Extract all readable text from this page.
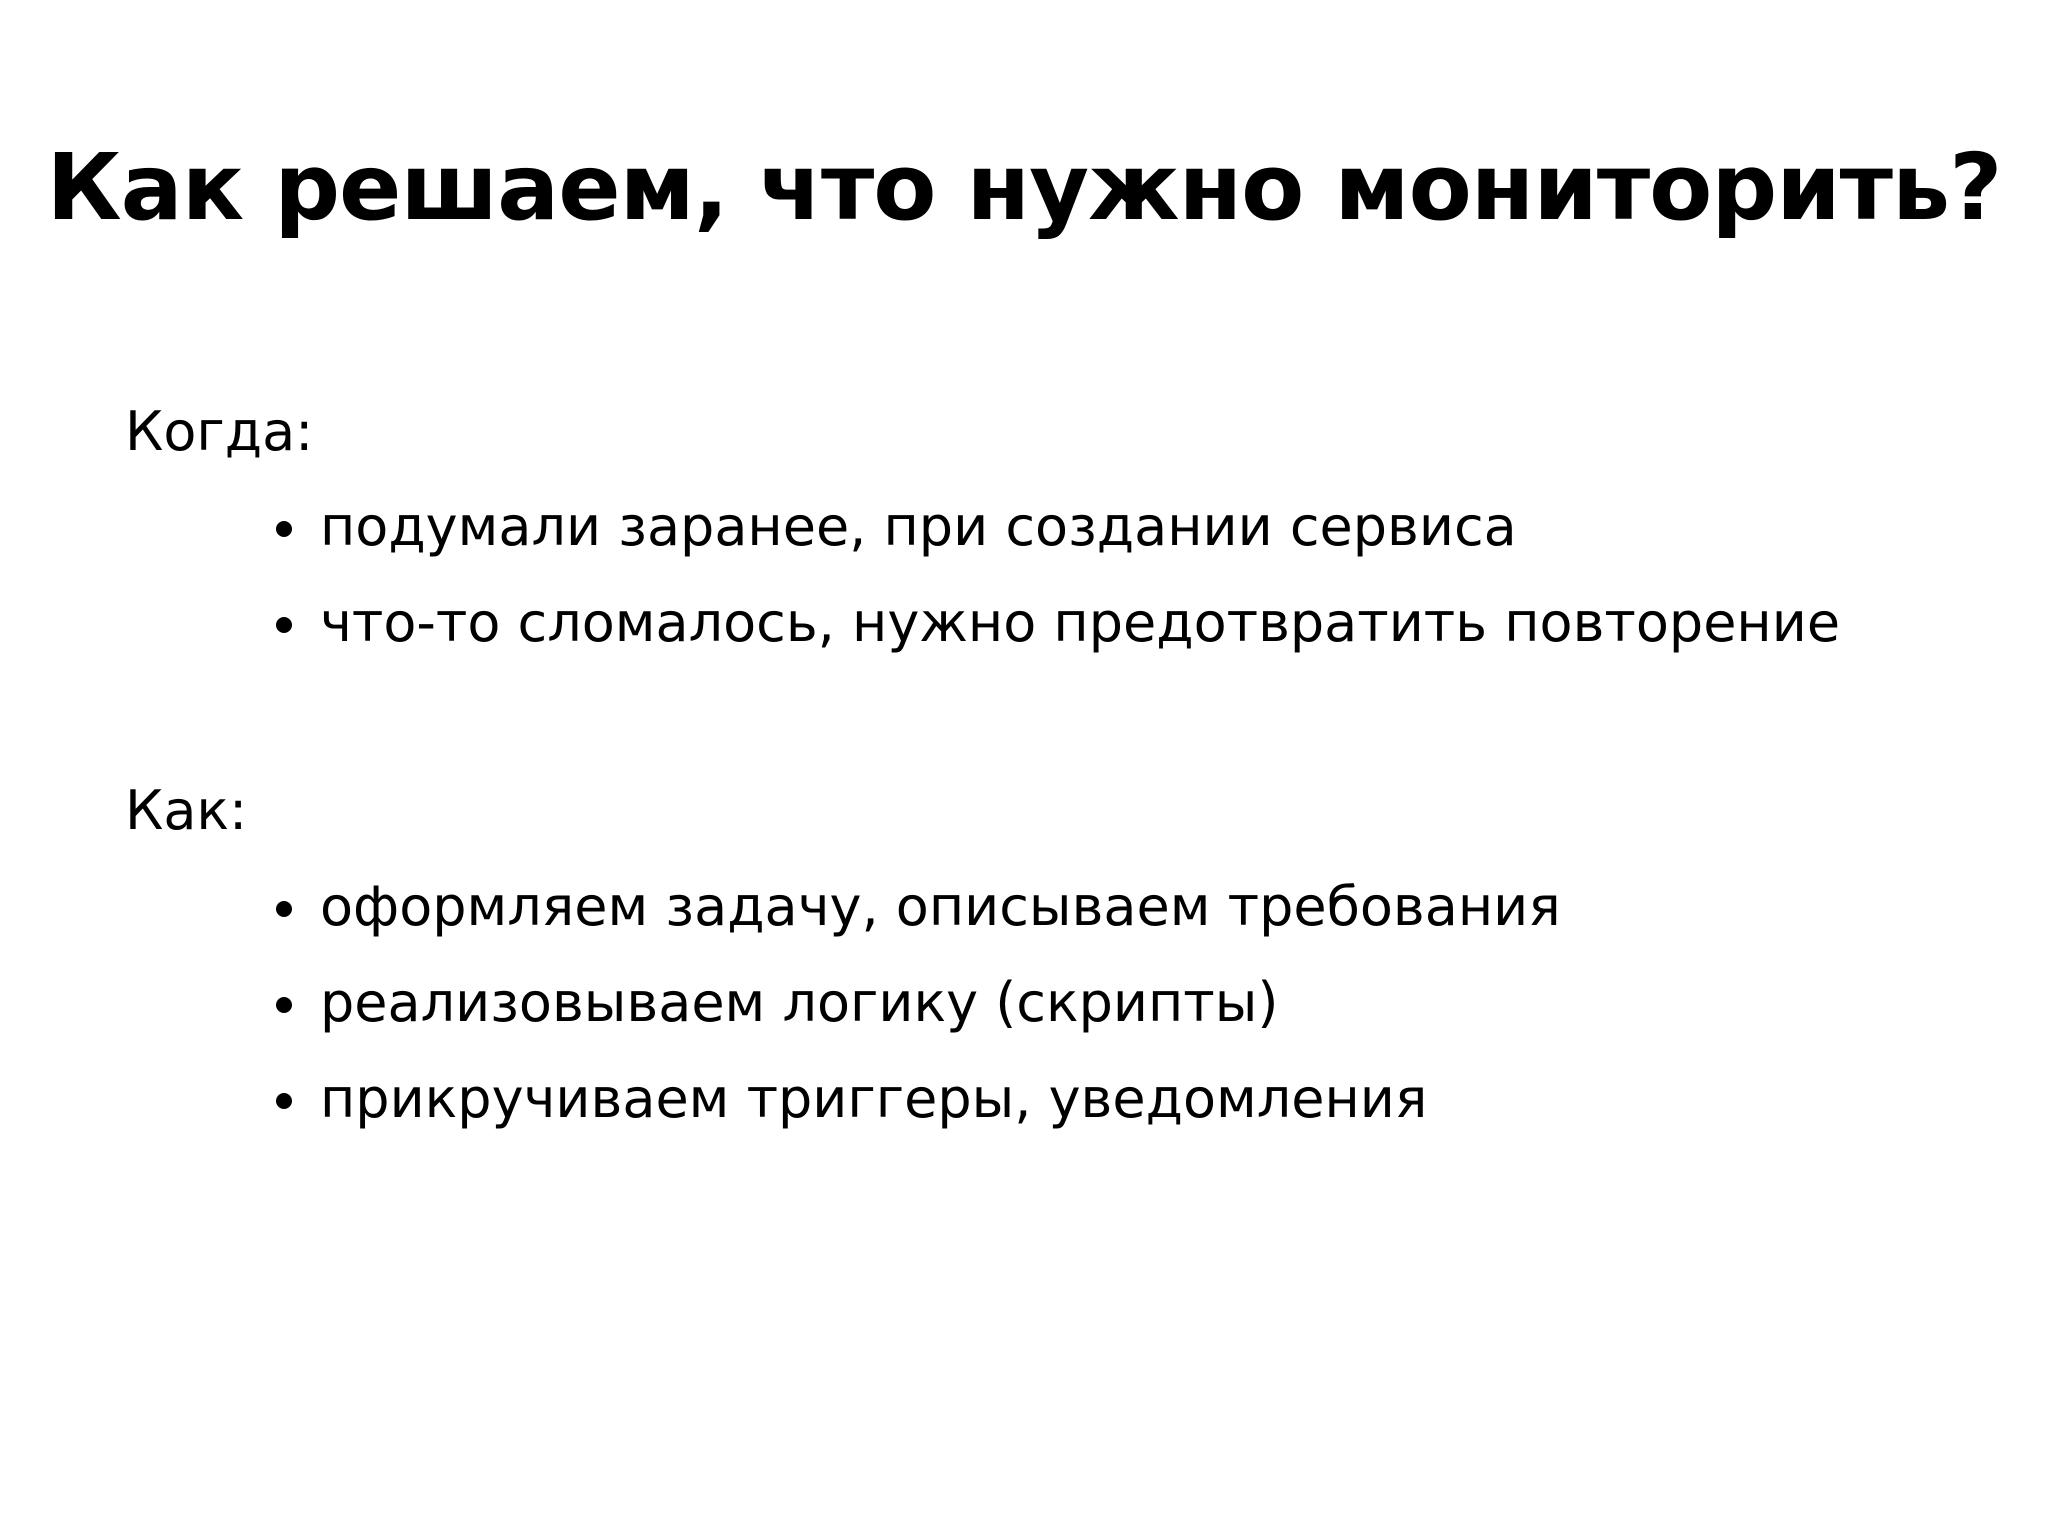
Как решаем, что нужно мониторить?

Когда:

подумали заранее, при создании сервиса
что-то сломалось, нужно предотвратить повторение

Как:

оформляем задачу, описываем требования
реализовываем логику (скрипты)
прикручиваем триггеры, уведомления
